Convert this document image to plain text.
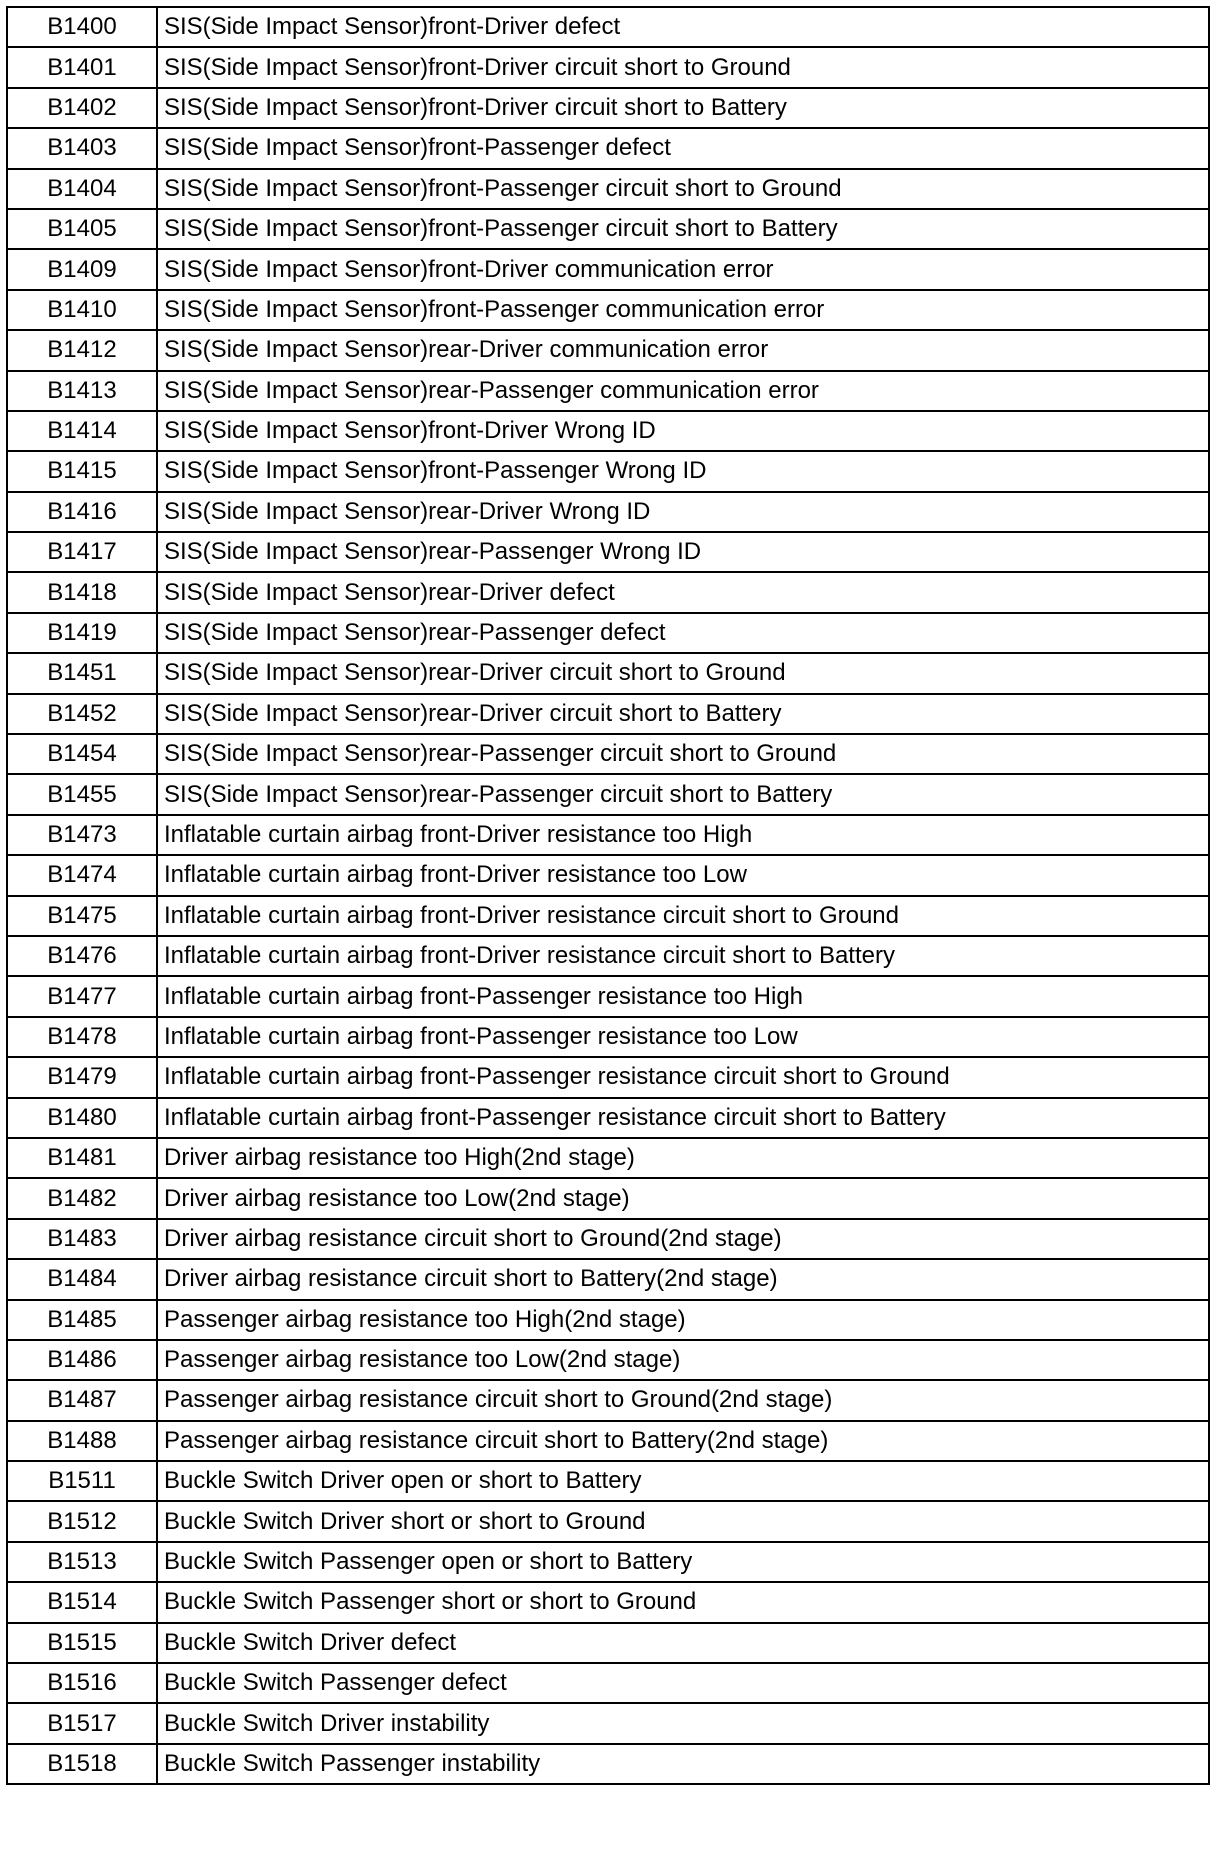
B1400	SIS(Side Impact Sensor)front-Driver defect
B1401	SIS(Side Impact Sensor)front-Driver circuit short to Ground
B1402	SIS(Side Impact Sensor)front-Driver circuit short to Battery
B1403	SIS(Side Impact Sensor)front-Passenger defect
B1404	SIS(Side Impact Sensor)front-Passenger circuit short to Ground
B1405	SIS(Side Impact Sensor)front-Passenger circuit short to Battery
B1409	SIS(Side Impact Sensor)front-Driver communication error
B1410	SIS(Side Impact Sensor)front-Passenger communication error
B1412	SIS(Side Impact Sensor)rear-Driver communication error
B1413	SIS(Side Impact Sensor)rear-Passenger communication error
B1414	SIS(Side Impact Sensor)front-Driver Wrong ID
B1415	SIS(Side Impact Sensor)front-Passenger Wrong ID
B1416	SIS(Side Impact Sensor)rear-Driver Wrong ID
B1417	SIS(Side Impact Sensor)rear-Passenger Wrong ID
B1418	SIS(Side Impact Sensor)rear-Driver defect
B1419	SIS(Side Impact Sensor)rear-Passenger defect
B1451	SIS(Side Impact Sensor)rear-Driver circuit short to Ground
B1452	SIS(Side Impact Sensor)rear-Driver circuit short to Battery
B1454	SIS(Side Impact Sensor)rear-Passenger circuit short to Ground
B1455	SIS(Side Impact Sensor)rear-Passenger circuit short to Battery
B1473	Inflatable curtain airbag front-Driver resistance too High
B1474	Inflatable curtain airbag front-Driver resistance too Low
B1475	Inflatable curtain airbag front-Driver resistance circuit short to Ground
B1476	Inflatable curtain airbag front-Driver resistance circuit short to Battery
B1477	Inflatable curtain airbag front-Passenger resistance too High
B1478	Inflatable curtain airbag front-Passenger resistance too Low
B1479	Inflatable curtain airbag front-Passenger resistance circuit short to Ground
B1480	Inflatable curtain airbag front-Passenger resistance circuit short to Battery
B1481	Driver airbag resistance too High(2nd stage)
B1482	Driver airbag resistance too Low(2nd stage)
B1483	Driver airbag resistance circuit short to Ground(2nd stage)
B1484	Driver airbag resistance circuit short to Battery(2nd stage)
B1485	Passenger airbag resistance too High(2nd stage)
B1486	Passenger airbag resistance too Low(2nd stage)
B1487	Passenger airbag resistance circuit short to Ground(2nd stage)
B1488	Passenger airbag resistance circuit short to Battery(2nd stage)
B1511	Buckle Switch Driver open or short to Battery
B1512	Buckle Switch Driver short or short to Ground
B1513	Buckle Switch Passenger open or short to Battery
B1514	Buckle Switch Passenger short or short to Ground
B1515	Buckle Switch Driver defect
B1516	Buckle Switch Passenger defect
B1517	Buckle Switch Driver instability
B1518	Buckle Switch Passenger instability
